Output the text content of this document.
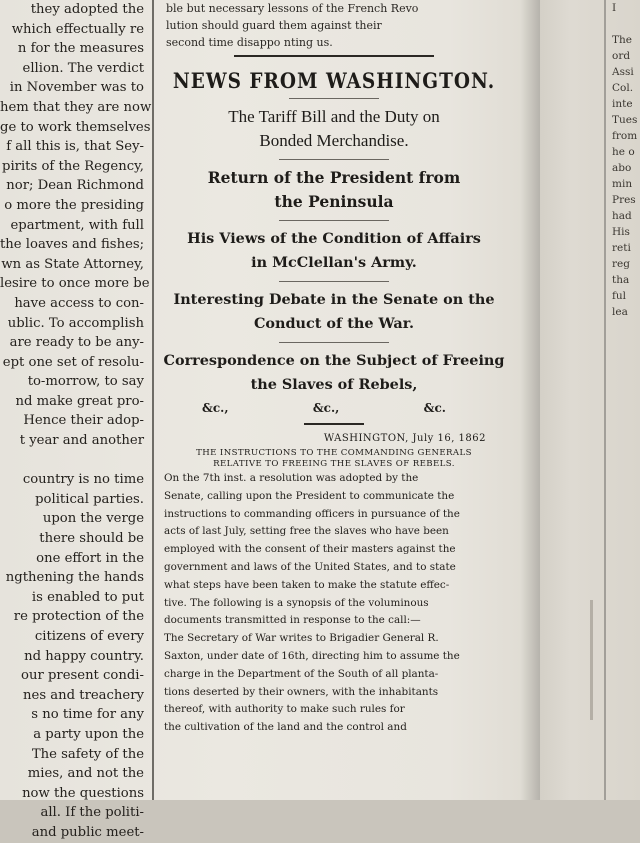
they adopted the
which effectually re
n for the measures
ellion. The verdict
in November was to
hem that they are now
ge to work themselves
f all this is, that Sey-
pirits of the Regency,
nor; Dean Richmond
o more the presiding
epartment, with full
the loaves and fishes;
wn as State Attorney,
lesire to once more be
have access to con-
ublic. To accomplish
are ready to be any-
ept one set of resolu-
to-morrow, to say
nd make great pro-
Hence their adop-
t year and another

country is no time
political parties.
upon the verge
there should be
one effort in the
ngthening the hands
is enabled to put
re protection of the
citizens of every
nd happy country.
our present condi-
nes and treachery
s no time for any
a party upon the
The safety of the
mies, and not the
now the questions
all. If the politi-
and public meet-
ble but necessary lessons of the French Revo
lution should guard them against their
second time disappo nting us.
NEWS FROM WASHINGTON.
The Tariff Bill and the Duty on
Bonded Merchandise.
Return of the President from
the Peninsula
His Views of the Condition of Affairs
in McClellan's Army.
Interesting Debate in the Senate on the
Conduct of the War.
Correspondence on the Subject of Freeing
the Slaves of Rebels,
&c.,	&c.,	&c.
WASHINGTON, July 16, 1862
THE INSTRUCTIONS TO THE COMMANDING GENERALS
RELATIVE TO FREEING THE SLAVES OF REBELS.
On the 7th inst. a resolution was adopted by the
Senate, calling upon the President to communicate the
instructions to commanding officers in pursuance of the
acts of last July, setting free the slaves who have been
employed with the consent of their masters against the
government and laws of the United States, and to state
what steps have been taken to make the statute effec-
tive. The following is a synopsis of the voluminous
documents transmitted in response to the call:—
The Secretary of War writes to Brigadier General R.
Saxton, under date of 16th, directing him to assume the
charge in the Department of the South of all planta-
tions deserted by their owners, with the inhabitants
thereof, with authority to make such rules for
the cultivation of the land and the control and
I

The
ord
Assi
Col.
inte
Tues
from
he o
abo
min
Pres
had
His
reti
reg
tha
ful
lea
